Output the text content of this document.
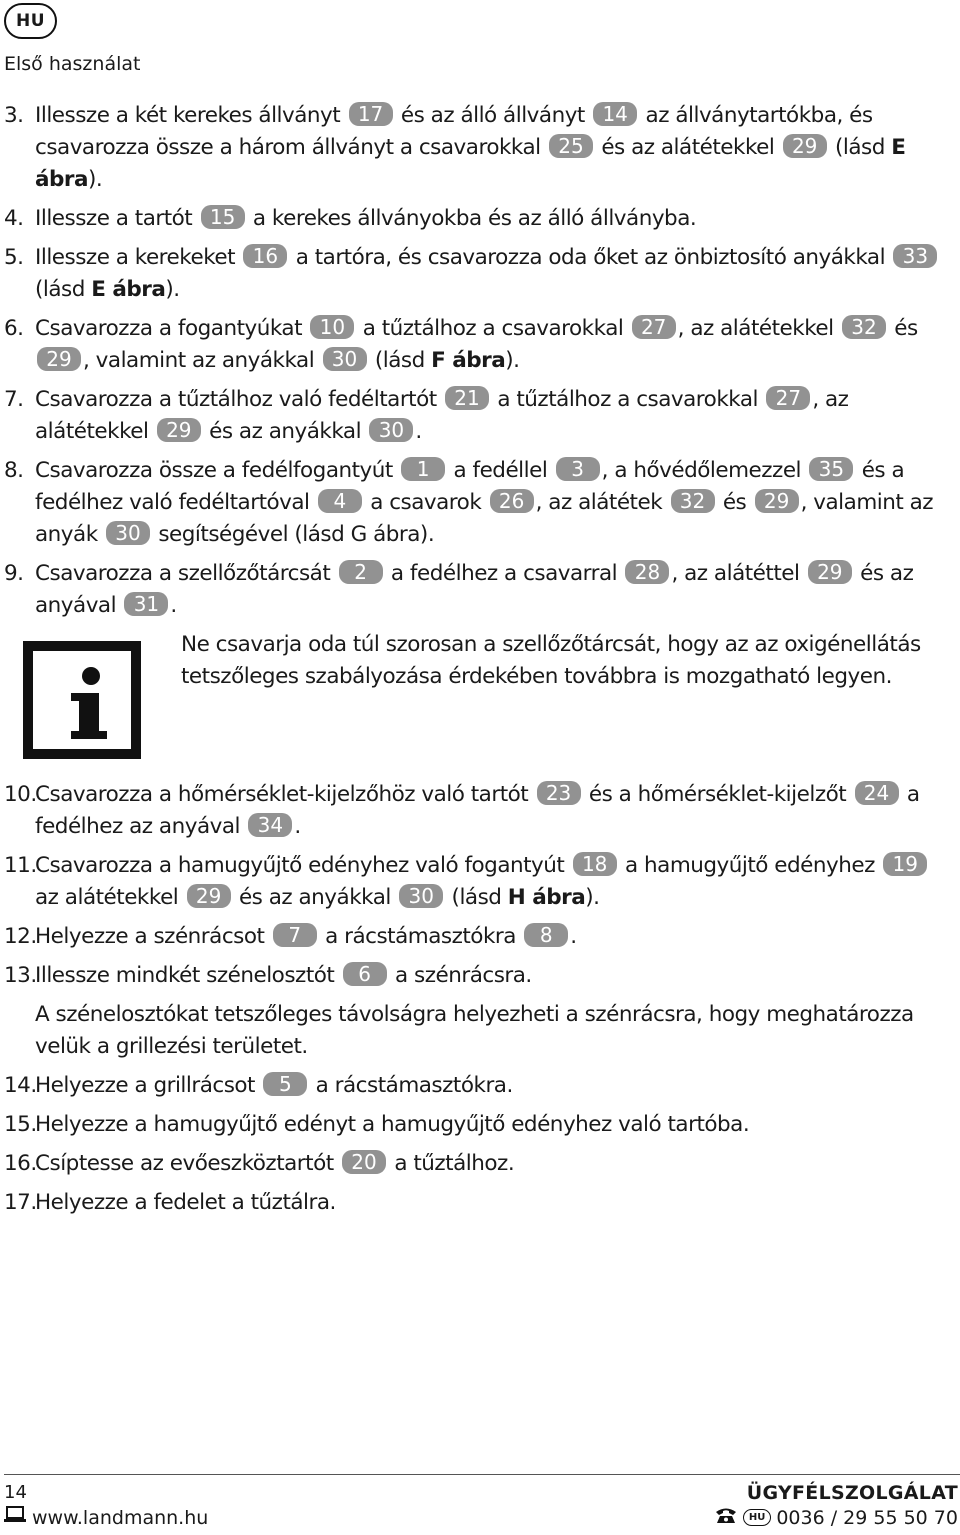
HU
Első használat
3. Illessze a két kerekes állványt 17 és az álló állványt 14 az állványtartókba, és csavarozza össze a három állványt a csavarokkal 25 és az alátétekkel 29 (lásd E ábra).
4. Illessze a tartót 15 a kerekes állványokba és az álló állványba.
5. Illessze a kerekeket 16 a tartóra, és csavarozza oda őket az önbiztosító anyákkal 33 (lásd E ábra).
6. Csavarozza a fogantyúkat 10 a tűztálhoz a csavarokkal 27 , az alátétekkel 32 és 29 , valamint az anyákkal 30 (lásd F ábra).
7. Csavarozza a tűztálhoz való fedéltartót 21 a tűztálhoz a csavarokkal 27 , az alátétekkel 29 és az anyákkal 30 .
8. Csavarozza össze a fedélfogantyút 1 a fedéllel 3 , a hővédőlemezzel 35 és a fedélhez való fedéltartóval 4 a csavarok 26 , az alátétek 32 és 29 , valamint az anyák 30 segítségével (lásd G ábra).
9. Csavarozza a szellőzőtárcsát 2 a fedélhez a csavarral 28 , az alátéttel 29 és az anyával 31 .
Ne csavarja oda túl szorosan a szellőzőtárcsát, hogy az az oxigénellátás tetszőleges szabályozása érdekében továbbra is mozgatható legyen.
10.
Csavarozza a hőmérséklet-kijelzőhöz való tartót 23 és a hőmérséklet-kijelzőt 24 a fedélhez az anyával 34 .
11.
Csavarozza a hamugyűjtő edényhez való fogantyút 18 a hamugyűjtő edényhez 19 az alátétekkel 29 és az anyákkal 30 (lásd H ábra).
12.
Helyezze a szénrácsot 7 a rácstámasztókra 8 .
13.
Illessze mindkét szénelosztót 6 a szénrácsra.
A szénelosztókat tetszőleges távolságra helyezheti a szénrácsra, hogy meghatározza velük a grillezési területet.
14.
Helyezze a grillrácsot 5 a rácstámasztókra.
15.
Helyezze a hamugyűjtő edényt a hamugyűjtő edényhez való tartóba.
16.
Csíptesse az evőeszköztartót 20 a tűztálhoz.
17.
Helyezze a fedelet a tűztálra.
14	ÜGYFÉLSZOLGÁLAT
www.landmann.hu	HU 0036 / 29 55 50 70
